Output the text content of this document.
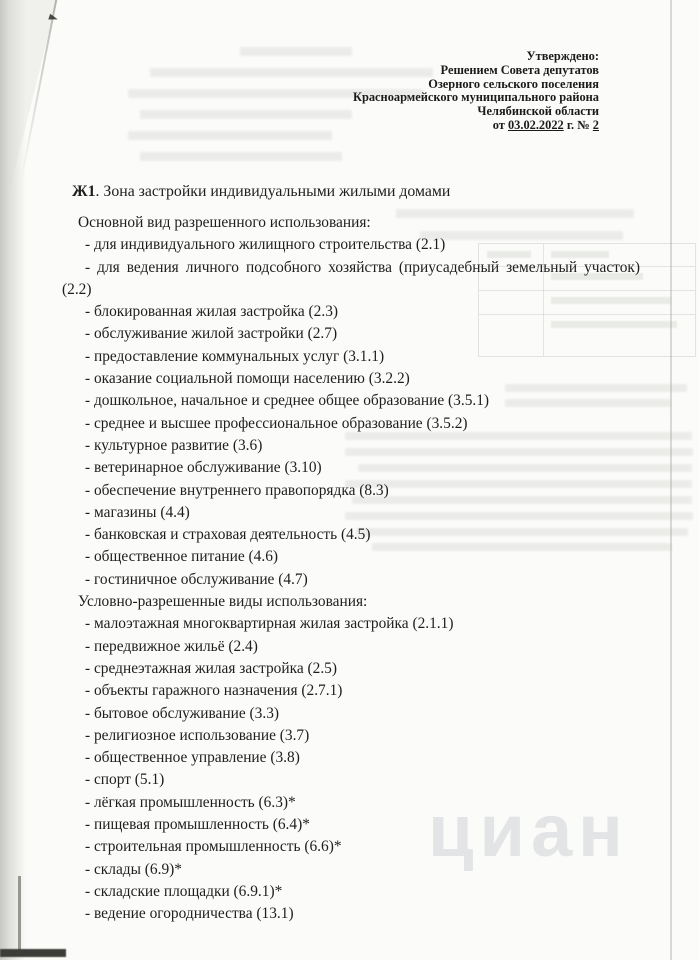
циан
Утверждено:
Решением Совета депутатов
Озерного сельского поселения
Красноармейского муниципального района
Челябинской области
от 03.02.2022 г. № 2

Ж1. Зона застройки индивидуальными жилыми домами

Основной вид разрешенного использования:
- для индивидуального жилищного строительства (2.1)
- для ведения личного подсобного хозяйства (приусадебный земельный участок) (2.2)
- блокированная жилая застройка (2.3)
- обслуживание жилой застройки (2.7)
- предоставление коммунальных услуг (3.1.1)
- оказание социальной помощи населению (3.2.2)
- дошкольное, начальное и среднее общее образование (3.5.1)
- среднее и высшее профессиональное образование (3.5.2)
- культурное развитие (3.6)
- ветеринарное обслуживание (3.10)
- обеспечение внутреннего правопорядка (8.3)
- магазины (4.4)
- банковская и страховая деятельность (4.5)
- общественное питание (4.6)
- гостиничное обслуживание (4.7)
Условно-разрешенные виды использования:
- малоэтажная многоквартирная жилая застройка (2.1.1)
- передвижное жильё (2.4)
- среднеэтажная жилая застройка (2.5)
- объекты гаражного назначения (2.7.1)
- бытовое обслуживание (3.3)
- религиозное использование (3.7)
- общественное управление (3.8)
- спорт (5.1)
- лёгкая промышленность (6.3)*
- пищевая промышленность (6.4)*
- строительная промышленность (6.6)*
- склады (6.9)*
- складские площадки (6.9.1)*
- ведение огородничества (13.1)
